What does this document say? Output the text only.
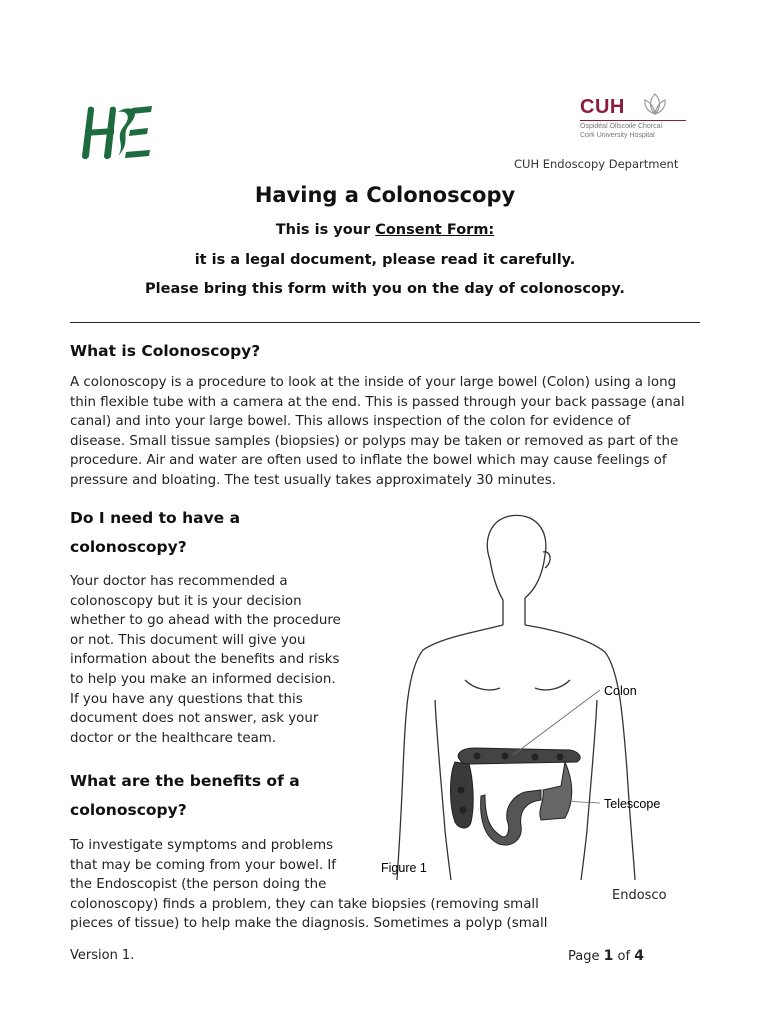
CUH
Ospidéal Ollscoile Chorcaí
Cork University Hospital
CUH Endoscopy Department
Having a Colonoscopy
This is your Consent Form:
it is a legal document, please read it carefully.
Please bring this form with you on the day of colonoscopy.
What is Colonoscopy?
A colonoscopy is a procedure to look at the inside of your large bowel (Colon) using a long
thin flexible tube with a camera at the end. This is passed through your back passage (anal
canal) and into your large bowel. This allows inspection of the colon for evidence of
disease. Small tissue samples (biopsies) or polyps may be taken or removed as part of the
procedure. Air and water are often used to inflate the bowel which may cause feelings of
pressure and bloating. The test usually takes approximately 30 minutes.
Do I need to have a
colonoscopy?
Your doctor has recommended a
colonoscopy but it is your decision
whether to go ahead with the procedure
or not. This document will give you
information about the benefits and risks
to help you make an informed decision.
If you have any questions that this
document does not answer, ask your
doctor or the healthcare team.
What are the benefits of a
colonoscopy?
To investigate symptoms and problems
that may be coming from your bowel. If
the Endoscopist (the person doing the
colonoscopy) finds a problem, they can take biopsies (removing small
pieces of tissue) to help make the diagnosis. Sometimes a polyp (small
Colon
Telescope
Figure 1
Endosco
Version 1.	Page 1 of 4
